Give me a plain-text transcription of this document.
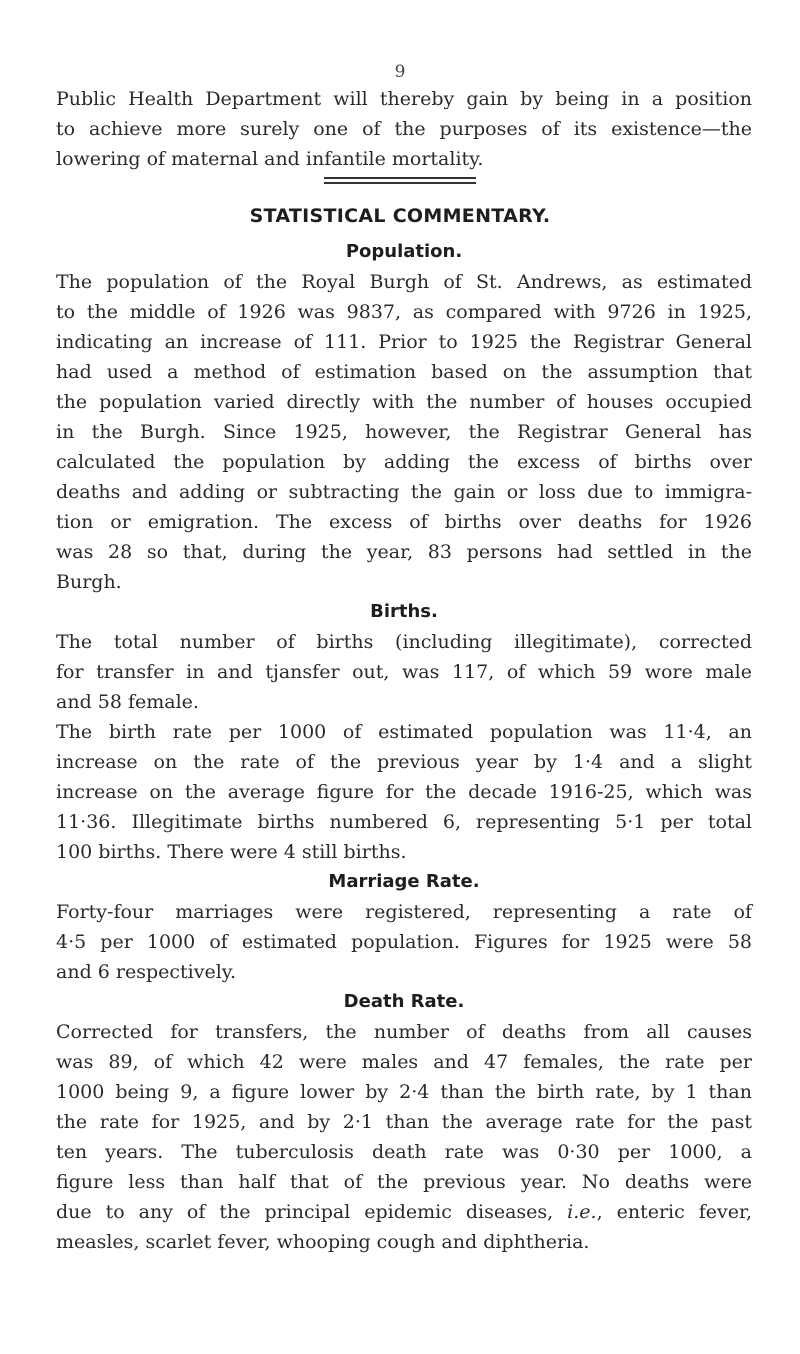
9
Public Health Department will thereby gain by being in a position
to achieve more surely one of the purposes of its existence—the
lowering of maternal and infantile mortality.
STATISTICAL COMMENTARY.
Population.
The population of the Royal Burgh of St. Andrews, as estimated
to the middle of 1926 was 9837, as compared with 9726 in 1925,
indicating an increase of 111. Prior to 1925 the Registrar General
had used a method of estimation based on the assumption that
the population varied directly with the number of houses occupied
in the Burgh. Since 1925, however, the Registrar General has
calculated the population by adding the excess of births over
deaths and adding or subtracting the gain or loss due to immigra-
tion or emigration. The excess of births over deaths for 1926
was 28 so that, during the year, 83 persons had settled in the
Burgh.
Births.
The total number of births (including illegitimate), corrected
for transfer in and tjansfer out, was 117, of which 59 wore male
and 58 female.
The birth rate per 1000 of estimated population was 11·4, an
increase on the rate of the previous year by 1·4 and a slight
increase on the average figure for the decade 1916-25, which was
11·36. Illegitimate births numbered 6, representing 5·1 per total
100 births. There were 4 still births.
Marriage Rate.
Forty-four marriages were registered, representing a rate of
4·5 per 1000 of estimated population. Figures for 1925 were 58
and 6 respectively.
Death Rate.
Corrected for transfers, the number of deaths from all causes
was 89, of which 42 were males and 47 females, the rate per
1000 being 9, a figure lower by 2·4 than the birth rate, by 1 than
the rate for 1925, and by 2·1 than the average rate for the past
ten years. The tuberculosis death rate was 0·30 per 1000, a
figure less than half that of the previous year. No deaths were
due to any of the principal epidemic diseases, i.e., enteric fever,
measles, scarlet fever, whooping cough and diphtheria.
